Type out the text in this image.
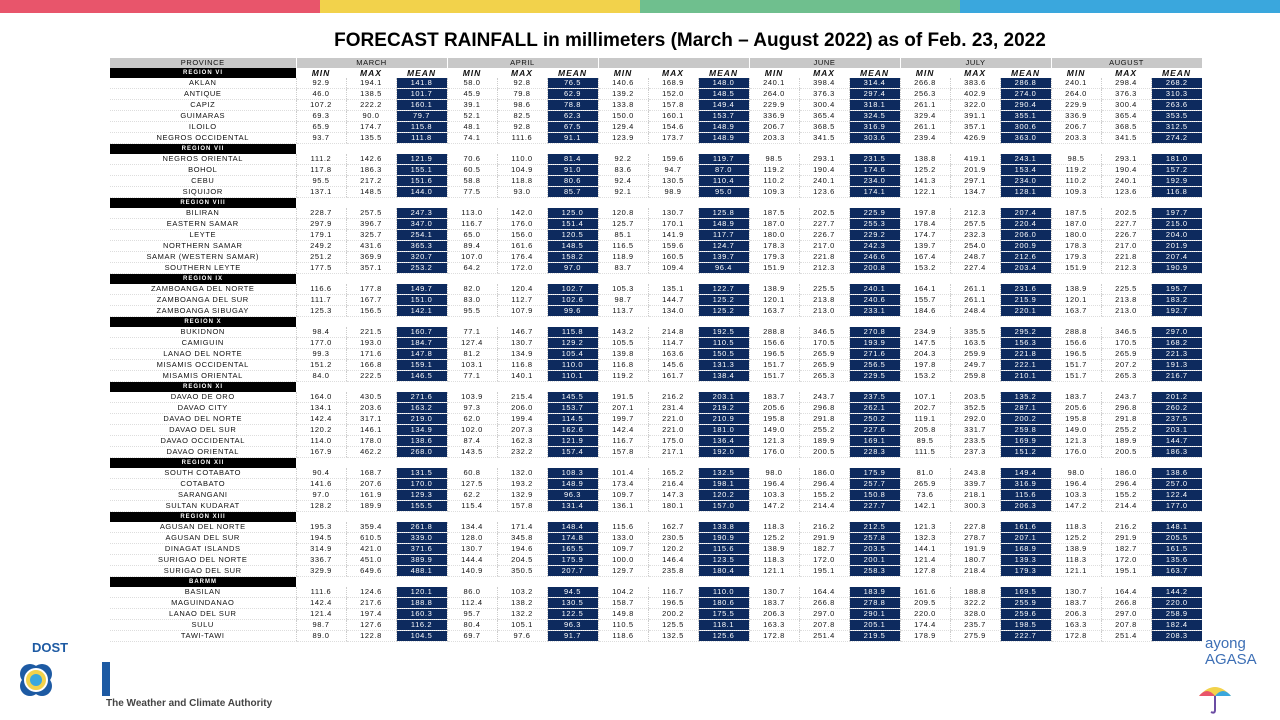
FORECAST RAINFALL in millimeters (March – August 2022) as of Feb. 23, 2022
PROVINCE	MARCH			APRIL			MAY			JUNE			JULY			AUGUST		
REGION VI	MIN	MAX	MEAN	MIN	MAX	MEAN	MIN	MAX	MEAN	MIN	MAX	MEAN	MIN	MAX	MEAN	MIN	MAX	MEAN
AKLAN	92.9	194.1	141.8	58.0	92.8	76.5	140.6	168.9	148.0	240.1	398.4	314.4	266.8	383.6	286.8	240.1	298.4	268.2
ANTIQUE	46.0	138.5	101.7	45.9	79.8	62.9	139.2	152.0	148.5	264.0	376.3	297.4	256.3	402.9	274.0	264.0	376.3	310.3
CAPIZ	107.2	222.2	160.1	39.1	98.6	78.8	133.8	157.8	149.4	229.9	300.4	318.1	261.1	322.0	290.4	229.9	300.4	263.6
GUIMARAS	69.3	90.0	79.7	52.1	82.5	62.3	150.0	160.1	153.7	336.9	365.4	324.5	329.4	391.1	355.1	336.9	365.4	353.5
ILOILO	65.9	174.7	115.8	48.1	92.8	67.5	129.4	154.6	148.9	206.7	368.5	316.9	261.1	357.1	300.6	206.7	368.5	312.5
NEGROS OCCIDENTAL	93.7	135.5	111.8	74.1	111.6	91.1	123.9	173.7	148.9	203.3	341.5	303.6	239.4	426.9	363.0	203.3	341.5	274.2
REGION VII																		
NEGROS ORIENTAL	111.2	142.6	121.9	70.6	110.0	81.4	92.2	159.6	119.7	98.5	293.1	231.5	138.8	419.1	243.1	98.5	293.1	181.0
BOHOL	117.8	186.3	155.1	60.5	104.9	91.0	83.6	94.7	87.0	119.2	190.4	174.6	125.2	201.9	153.4	119.2	190.4	157.2
CEBU	95.5	217.2	151.6	58.8	118.8	80.6	92.4	130.5	110.4	110.2	240.1	234.0	141.3	297.1	234.0	110.2	240.1	192.9
SIQUIJOR	137.1	148.5	144.0	77.5	93.0	85.7	92.1	98.9	95.0	109.3	123.6	174.1	122.1	134.7	128.1	109.3	123.6	116.8
REGION VIII																		
BILIRAN	228.7	257.5	247.3	113.0	142.0	125.0	120.8	130.7	125.8	187.5	202.5	225.9	197.8	212.3	207.4	187.5	202.5	197.7
EASTERN SAMAR	297.9	396.7	347.0	116.7	176.0	151.4	125.7	170.1	148.9	187.0	227.7	255.3	178.4	257.5	220.4	187.0	227.7	215.0
LEYTE	179.1	325.7	254.1	65.0	156.0	120.5	85.1	141.9	117.7	180.0	226.7	229.2	174.7	232.3	206.0	180.0	226.7	204.0
NORTHERN SAMAR	249.2	431.6	365.3	89.4	161.6	148.5	116.5	159.6	124.7	178.3	217.0	242.3	139.7	254.0	200.9	178.3	217.0	201.9
SAMAR (WESTERN SAMAR)	251.2	369.9	320.7	107.0	176.4	158.2	118.9	160.5	139.7	179.3	221.8	246.6	167.4	248.7	212.6	179.3	221.8	207.4
SOUTHERN LEYTE	177.5	357.1	253.2	64.2	172.0	97.0	83.7	109.4	96.4	151.9	212.3	200.8	153.2	227.4	203.4	151.9	212.3	190.9
REGION IX																		
ZAMBOANGA DEL NORTE	116.6	177.8	149.7	82.0	120.4	102.7	105.3	135.1	122.7	138.9	225.5	240.1	164.1	261.1	231.6	138.9	225.5	195.7
ZAMBOANGA DEL SUR	111.7	167.7	151.0	83.0	112.7	102.6	98.7	144.7	125.2	120.1	213.8	240.6	155.7	261.1	215.9	120.1	213.8	183.2
ZAMBOANGA SIBUGAY	125.3	156.5	142.1	95.5	107.9	99.6	113.7	134.0	125.2	163.7	213.0	233.1	184.6	248.4	220.1	163.7	213.0	192.7
REGION X																		
BUKIDNON	98.4	221.5	160.7	77.1	146.7	115.8	143.2	214.8	192.5	288.8	346.5	270.8	234.9	335.5	295.2	288.8	346.5	297.0
CAMIGUIN	177.0	193.0	184.7	127.4	130.7	129.2	105.5	114.7	110.5	156.6	170.5	193.9	147.5	163.5	156.3	156.6	170.5	168.2
LANAO DEL NORTE	99.3	171.6	147.8	81.2	134.9	105.4	139.8	163.6	150.5	196.5	265.9	271.6	204.3	259.9	221.8	196.5	265.9	221.3
MISAMIS OCCIDENTAL	151.2	166.8	159.1	103.1	116.8	110.0	116.8	145.6	131.3	151.7	265.9	256.5	197.8	249.7	222.1	151.7	207.2	191.3
MISAMIS ORIENTAL	84.0	222.5	146.5	77.1	140.1	110.1	119.2	161.7	138.4	151.7	265.3	229.5	153.2	259.8	210.1	151.7	265.3	216.7
REGION XI																		
DAVAO DE ORO	164.0	430.5	271.6	103.9	215.4	145.5	191.5	216.2	203.1	183.7	243.7	237.5	107.1	203.5	135.2	183.7	243.7	201.2
DAVAO CITY	134.1	203.6	163.2	97.3	206.0	153.7	207.1	231.4	219.2	205.6	296.8	262.1	202.7	352.5	287.1	205.6	296.8	260.2
DAVAO DEL NORTE	142.4	317.1	219.0	62.0	199.4	114.5	199.7	221.0	210.9	195.8	291.8	250.2	119.1	292.0	200.2	195.8	291.8	237.5
DAVAO DEL SUR	120.2	146.1	134.9	102.0	207.3	162.6	142.4	221.0	181.0	149.0	255.2	227.6	205.8	331.7	259.8	149.0	255.2	203.1
DAVAO OCCIDENTAL	114.0	178.0	138.6	87.4	162.3	121.9	116.7	175.0	136.4	121.3	189.9	169.1	89.5	233.5	169.9	121.3	189.9	144.7
DAVAO ORIENTAL	167.9	462.2	268.0	143.5	232.2	157.4	157.8	217.1	192.0	176.0	200.5	228.3	111.5	237.3	151.2	176.0	200.5	186.3
REGION XII																		
SOUTH COTABATO	90.4	168.7	131.5	60.8	132.0	108.3	101.4	165.2	132.5	98.0	186.0	175.9	81.0	243.8	149.4	98.0	186.0	138.6
COTABATO	141.6	207.6	170.0	127.5	193.2	148.9	173.4	216.4	198.1	196.4	296.4	257.7	265.9	339.7	316.9	196.4	296.4	257.0
SARANGANI	97.0	161.9	129.3	62.2	132.9	96.3	109.7	147.3	120.2	103.3	155.2	150.8	73.6	218.1	115.6	103.3	155.2	122.4
SULTAN KUDARAT	128.2	189.9	155.5	115.4	157.8	131.4	136.1	180.1	157.0	147.2	214.4	227.7	142.1	300.3	206.3	147.2	214.4	177.0
REGION XIII																		
AGUSAN DEL NORTE	195.3	359.4	261.8	134.4	171.4	148.4	115.6	162.7	133.8	118.3	216.2	212.5	121.3	227.8	161.6	118.3	216.2	148.1
AGUSAN DEL SUR	194.5	610.5	339.0	128.0	345.8	174.8	133.0	230.5	190.9	125.2	291.9	257.8	132.3	278.7	207.1	125.2	291.9	205.5
DINAGAT ISLANDS	314.9	421.0	371.6	130.7	194.6	165.5	109.7	120.2	115.6	138.9	182.7	203.5	144.1	191.9	168.9	138.9	182.7	161.5
SURIGAO DEL NORTE	336.7	451.0	389.9	144.4	204.5	175.9	100.0	146.4	123.5	118.3	172.0	200.1	121.4	180.7	139.3	118.3	172.0	135.6
SURIGAO DEL SUR	329.9	649.6	488.1	140.9	350.5	207.7	129.7	235.8	180.4	121.1	195.1	258.3	127.8	218.4	179.3	121.1	195.1	163.7
BARMM																		
BASILAN	111.6	124.6	120.1	86.0	103.2	94.5	104.2	116.7	110.0	130.7	164.4	183.9	161.6	188.8	169.5	130.7	164.4	144.2
MAGUINDANAO	142.4	217.6	188.8	112.4	138.2	130.5	158.7	196.5	180.6	183.7	266.8	278.8	209.5	322.2	255.9	183.7	266.8	220.0
LANAO DEL SUR	121.4	197.4	160.3	95.7	132.2	122.5	149.8	200.2	175.5	206.3	297.0	290.1	220.0	328.0	259.6	206.3	297.0	258.9
SULU	98.7	127.6	116.2	80.4	105.1	96.3	110.5	125.5	118.1	163.3	207.8	205.1	174.4	235.7	198.5	163.3	207.8	182.4
TAWI-TAWI	89.0	122.8	104.5	69.7	97.6	91.7	118.6	132.5	125.6	172.8	251.4	219.5	178.9	275.9	222.7	172.8	251.4	208.3
DOST
The Weather and Climate Authority
ayong
AGASA
